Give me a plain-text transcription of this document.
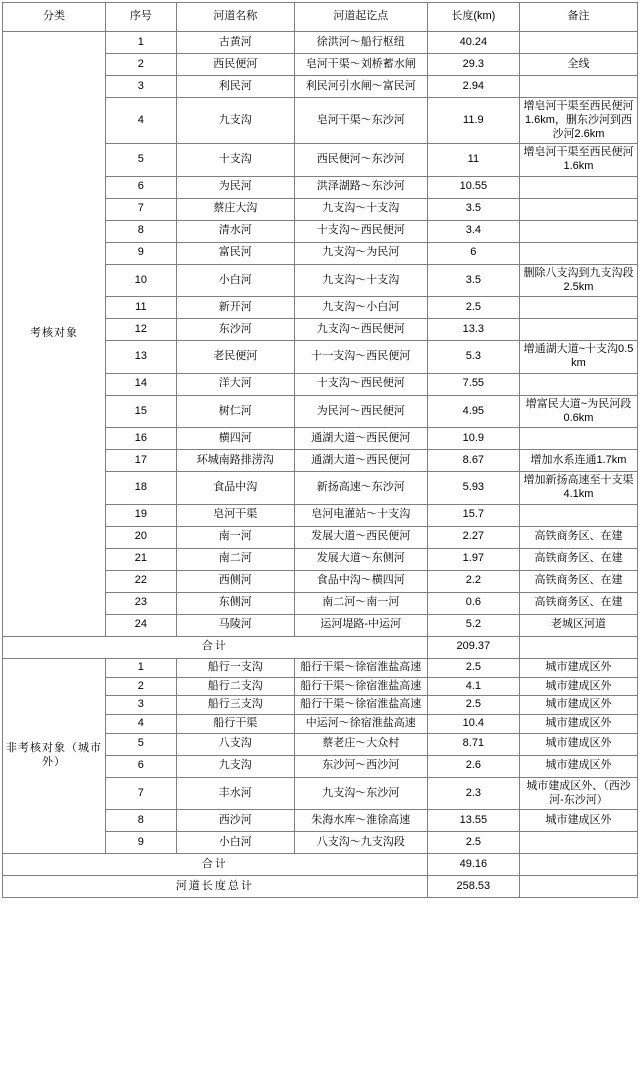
分类	序号	河道名称	河道起讫点	长度(km)	备注
考核对象	1	古黄河	徐洪河～船行枢纽	40.24	
	2	西民便河	皂河干渠～刘桥蓄水闸	29.3	全线
	3	利民河	利民河引水闸～富民河	2.94	
	4	九支沟	皂河干渠～东沙河	11.9	增皂河干渠至西民便河1.6km，删东沙河到西沙河2.6km
	5	十支沟	西民便河～东沙河	11	增皂河干渠至西民便河1.6km
	6	为民河	洪泽湖路～东沙河	10.55	
	7	蔡庄大沟	九支沟～十支沟	3.5	
	8	清水河	十支沟～西民便河	3.4	
	9	富民河	九支沟～为民河	6	
	10	小白河	九支沟～十支沟	3.5	删除八支沟到九支沟段2.5km
	11	新开河	九支沟～小白河	2.5	
	12	东沙河	九支沟～西民便河	13.3	
	13	老民便河	十一支沟～西民便河	5.3	增通湖大道~十支沟0.5km
	14	洋大河	十支沟～西民便河	7.55	
	15	树仁河	为民河～西民便河	4.95	增富民大道~为民河段0.6km
	16	横四河	通湖大道～西民便河	10.9	
	17	环城南路排涝沟	通湖大道～西民便河	8.67	增加水系连通1.7km
	18	食品中沟	新扬高速～东沙河	5.93	增加新扬高速至十支渠4.1km
	19	皂河干渠	皂河电灌站～十支沟	15.7	
	20	南一河	发展大道～西民便河	2.27	高铁商务区、在建
	21	南二河	发展大道～东侧河	1.97	高铁商务区、在建
	22	西侧河	食品中沟～横四河	2.2	高铁商务区、在建
	23	东侧河	南二河～南一河	0.6	高铁商务区、在建
	24	马陵河	运河堤路-中运河	5.2	老城区河道
合计				209.37	
非考核对象（城市外）	1	船行一支沟	船行干渠～徐宿淮盐高速	2.5	城市建成区外
	2	船行二支沟	船行干渠～徐宿淮盐高速	4.1	城市建成区外
	3	船行三支沟	船行干渠～徐宿淮盐高速	2.5	城市建成区外
	4	船行干渠	中运河～徐宿淮盐高速	10.4	城市建成区外
	5	八支沟	蔡老庄～大众村	8.71	城市建成区外
	6	九支沟	东沙河～西沙河	2.6	城市建成区外
	7	丰水河	九支沟～东沙河	2.3	城市建成区外、（西沙河-东沙河）
	8	西沙河	朱海水库～淮徐高速	13.55	城市建成区外
	9	小白河	八支沟～九支沟段	2.5	
合计				49.16	
河道长度总计				258.53	
